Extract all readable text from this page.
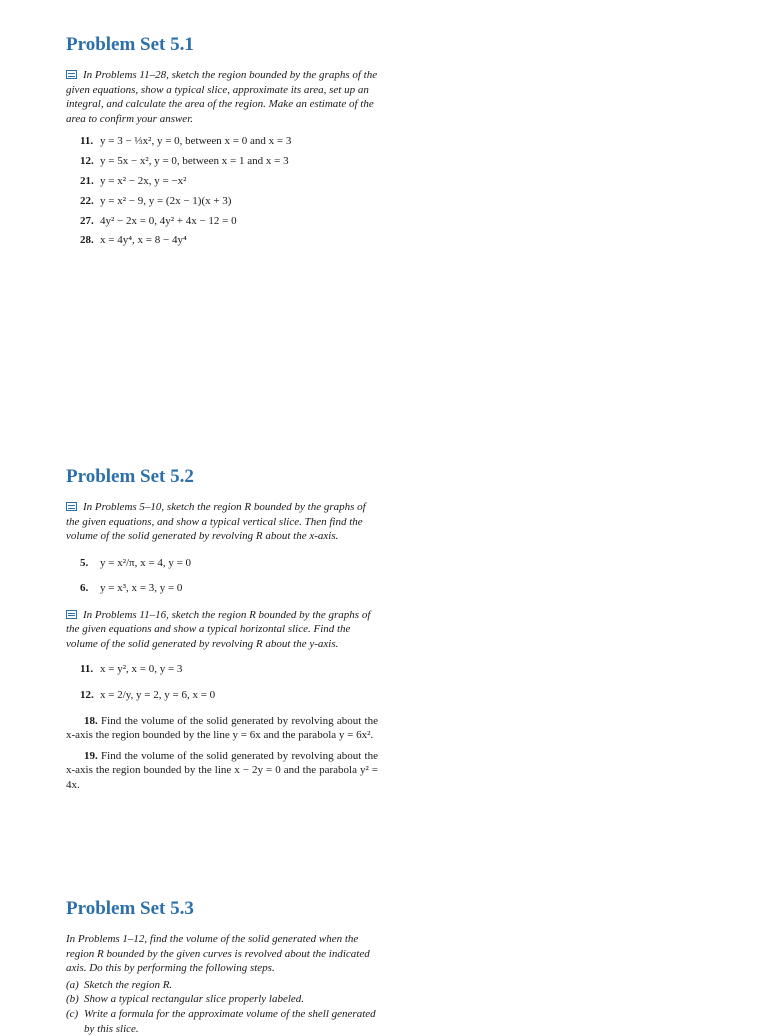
Problem Set 5.1

In Problems 11–28, sketch the region bounded by the graphs of the given equations, show a typical slice, approximate its area, set up an integral, and calculate the area of the region. Make an estimate of the area to confirm your answer.

11. y = 3 − ⅓x², y = 0, between x = 0 and x = 3
12. y = 5x − x², y = 0, between x = 1 and x = 3
21. y = x² − 2x, y = −x²
22. y = x² − 9, y = (2x − 1)(x + 3)
27. 4y² − 2x = 0, 4y² + 4x − 12 = 0
28. x = 4y⁴, x = 8 − 4y⁴
Problem Set 5.2

In Problems 5–10, sketch the region R bounded by the graphs of the given equations, and show a typical vertical slice. Then find the volume of the solid generated by revolving R about the x-axis.

5. y = x²/π, x = 4, y = 0
6. y = x³, x = 3, y = 0

In Problems 11–16, sketch the region R bounded by the graphs of the given equations and show a typical horizontal slice. Find the volume of the solid generated by revolving R about the y-axis.

11. x = y², x = 0, y = 3
12. x = 2/y, y = 2, y = 6, x = 0

18. Find the volume of the solid generated by revolving about the x-axis the region bounded by the line y = 6x and the parabola y = 6x².

19. Find the volume of the solid generated by revolving about the x-axis the region bounded by the line x − 2y = 0 and the parabola y² = 4x.

Problem Set 5.3

In Problems 1–12, find the volume of the solid generated when the region R bounded by the given curves is revolved about the indicated axis. Do this by performing the following steps.

(a) Sketch the region R.
(b) Show a typical rectangular slice properly labeled.
(c) Write a formula for the approximate volume of the shell generated by this slice.
